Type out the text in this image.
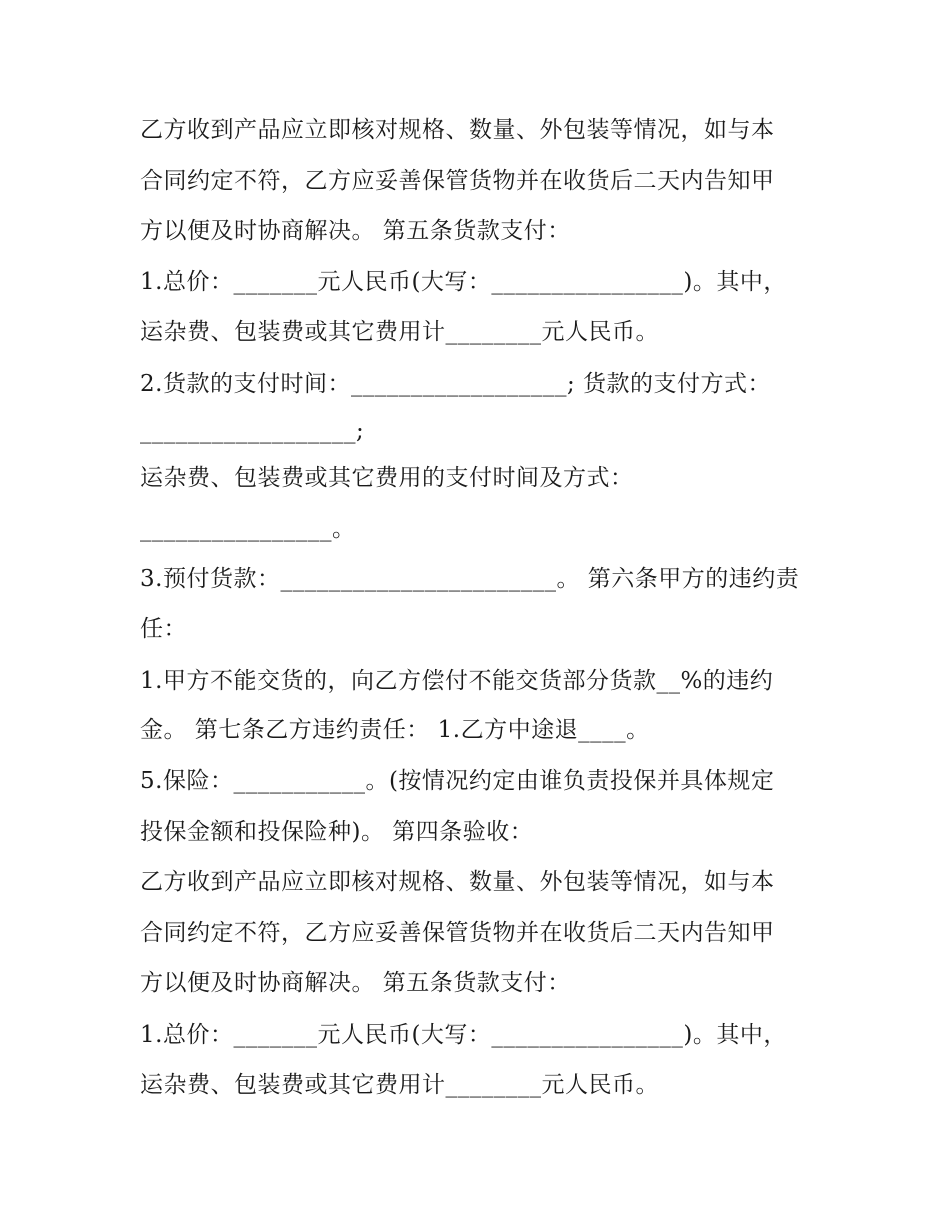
乙方收到产品应立即核对规格、数量、外包装等情况，如与本
合同约定不符，乙方应妥善保管货物并在收货后二天内告知甲
方以便及时协商解决。 第五条货款支付：
1.总价：_______元人民币(大写：________________)。其中，
运杂费、包装费或其它费用计________元人民币。
2.货款的支付时间：__________________; 货款的支付方式：
__________________;
运杂费、包装费或其它费用的支付时间及方式：
________________。
3.预付货款：_______________________。 第六条甲方的违约责
任：
1.甲方不能交货的，向乙方偿付不能交货部分货款__%的违约
金。 第七条乙方违约责任： 1.乙方中途退____。
5.保险：___________。(按情况约定由谁负责投保并具体规定
投保金额和投保险种)。 第四条验收：
乙方收到产品应立即核对规格、数量、外包装等情况，如与本
合同约定不符，乙方应妥善保管货物并在收货后二天内告知甲
方以便及时协商解决。 第五条货款支付：
1.总价：_______元人民币(大写：________________)。其中，
运杂费、包装费或其它费用计________元人民币。
